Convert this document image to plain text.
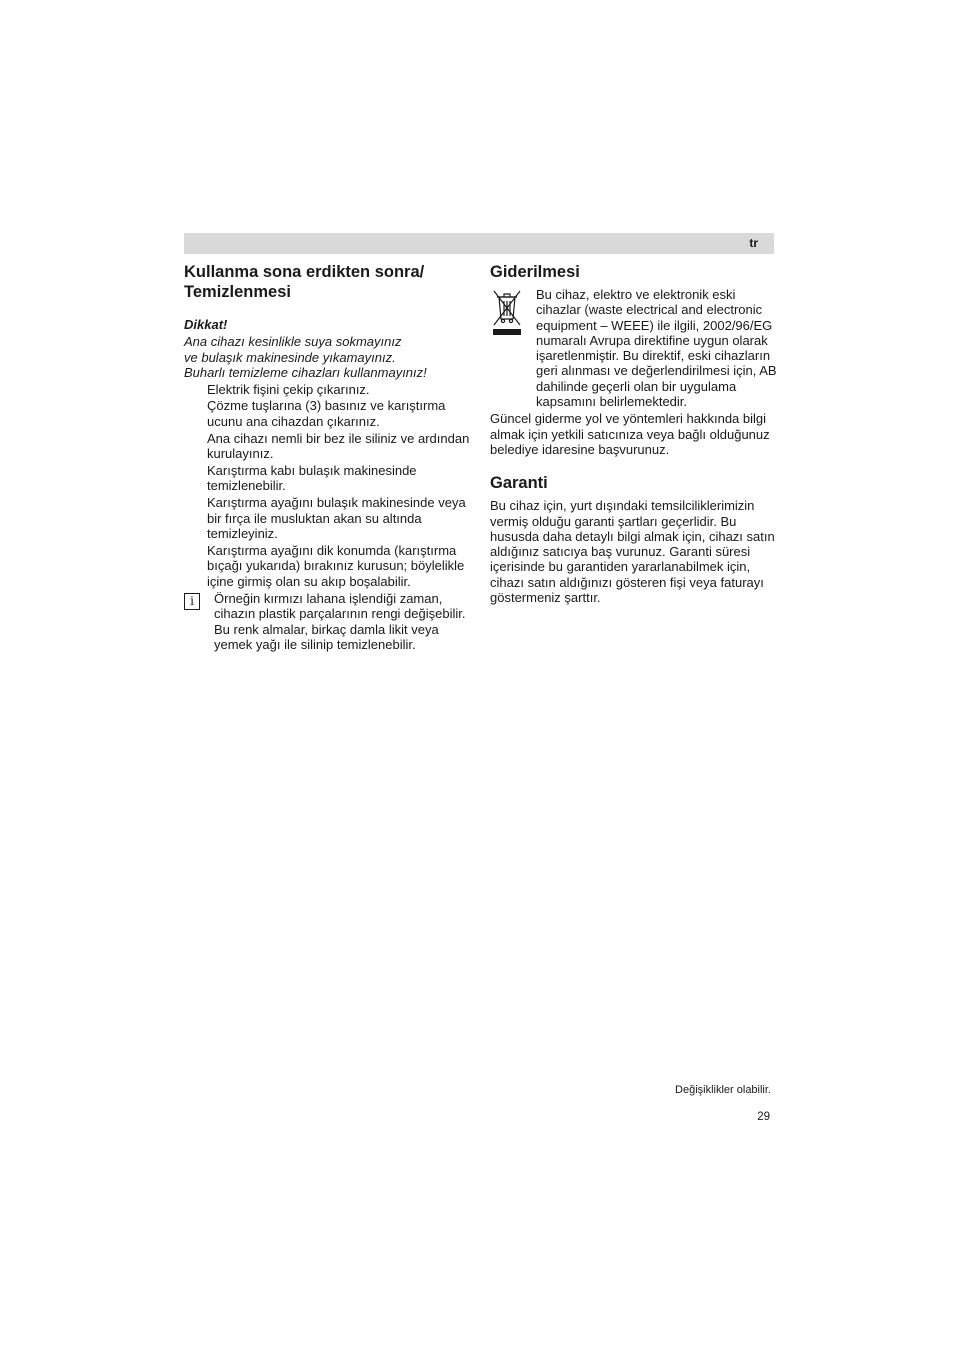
tr
Kullanma sona erdikten sonra/
Temizlenmesi
Dikkat!
Ana cihazı kesinlikle suya sokmayınız
ve bulaşık makinesinde yıkamayınız.
Buharlı temizleme cihazları kullanmayınız!
Elektrik fişini çekip çıkarınız.
Çözme tuşlarına (3) basınız ve karıştırma ucunu ana cihazdan çıkarınız.
Ana cihazı nemli bir bez ile siliniz ve ardından kurulayınız.
Karıştırma kabı bulaşık makinesinde temizlenebilir.
Karıştırma ayağını bulaşık makinesinde veya bir fırça ile musluktan akan su altında temizleyiniz.
Karıştırma ayağını dik konumda (karıştırma bıçağı yukarıda) bırakınız kurusun; böylelikle içine girmiş olan su akıp boşalabilir.
i	Örneğin kırmızı lahana işlendiği zaman, cihazın plastik parçalarının rengi değişebilir. Bu renk almalar, birkaç damla likit veya yemek yağı ile silinip temizlenebilir.
Giderilmesi
Bu cihaz, elektro ve elektronik eski cihazlar (waste electrical and electronic equipment – WEEE) ile ilgili, 2002/96/EG numaralı Avrupa direktifine uygun olarak işaretlenmiştir. Bu direktif, eski cihazların geri alınması ve değerlendirilmesi için, AB dahilinde geçerli olan bir uygulama kapsamını belirlemektedir.
Güncel giderme yol ve yöntemleri hakkında bilgi almak için yetkili satıcınıza veya bağlı olduğunuz belediye idaresine başvurunuz.
Garanti
Bu cihaz için, yurt dışındaki temsilciliklerimizin vermiş olduğu garanti şartları geçerlidir. Bu hususda daha detaylı bilgi almak için, cihazı satın aldığınız satıcıya baş vurunuz. Garanti süresi içerisinde bu garantiden yararlanabilmek için, cihazı satın aldığınızı gösteren fişi veya faturayı göstermeniz şarttır.
Değişiklikler olabilir.
29
